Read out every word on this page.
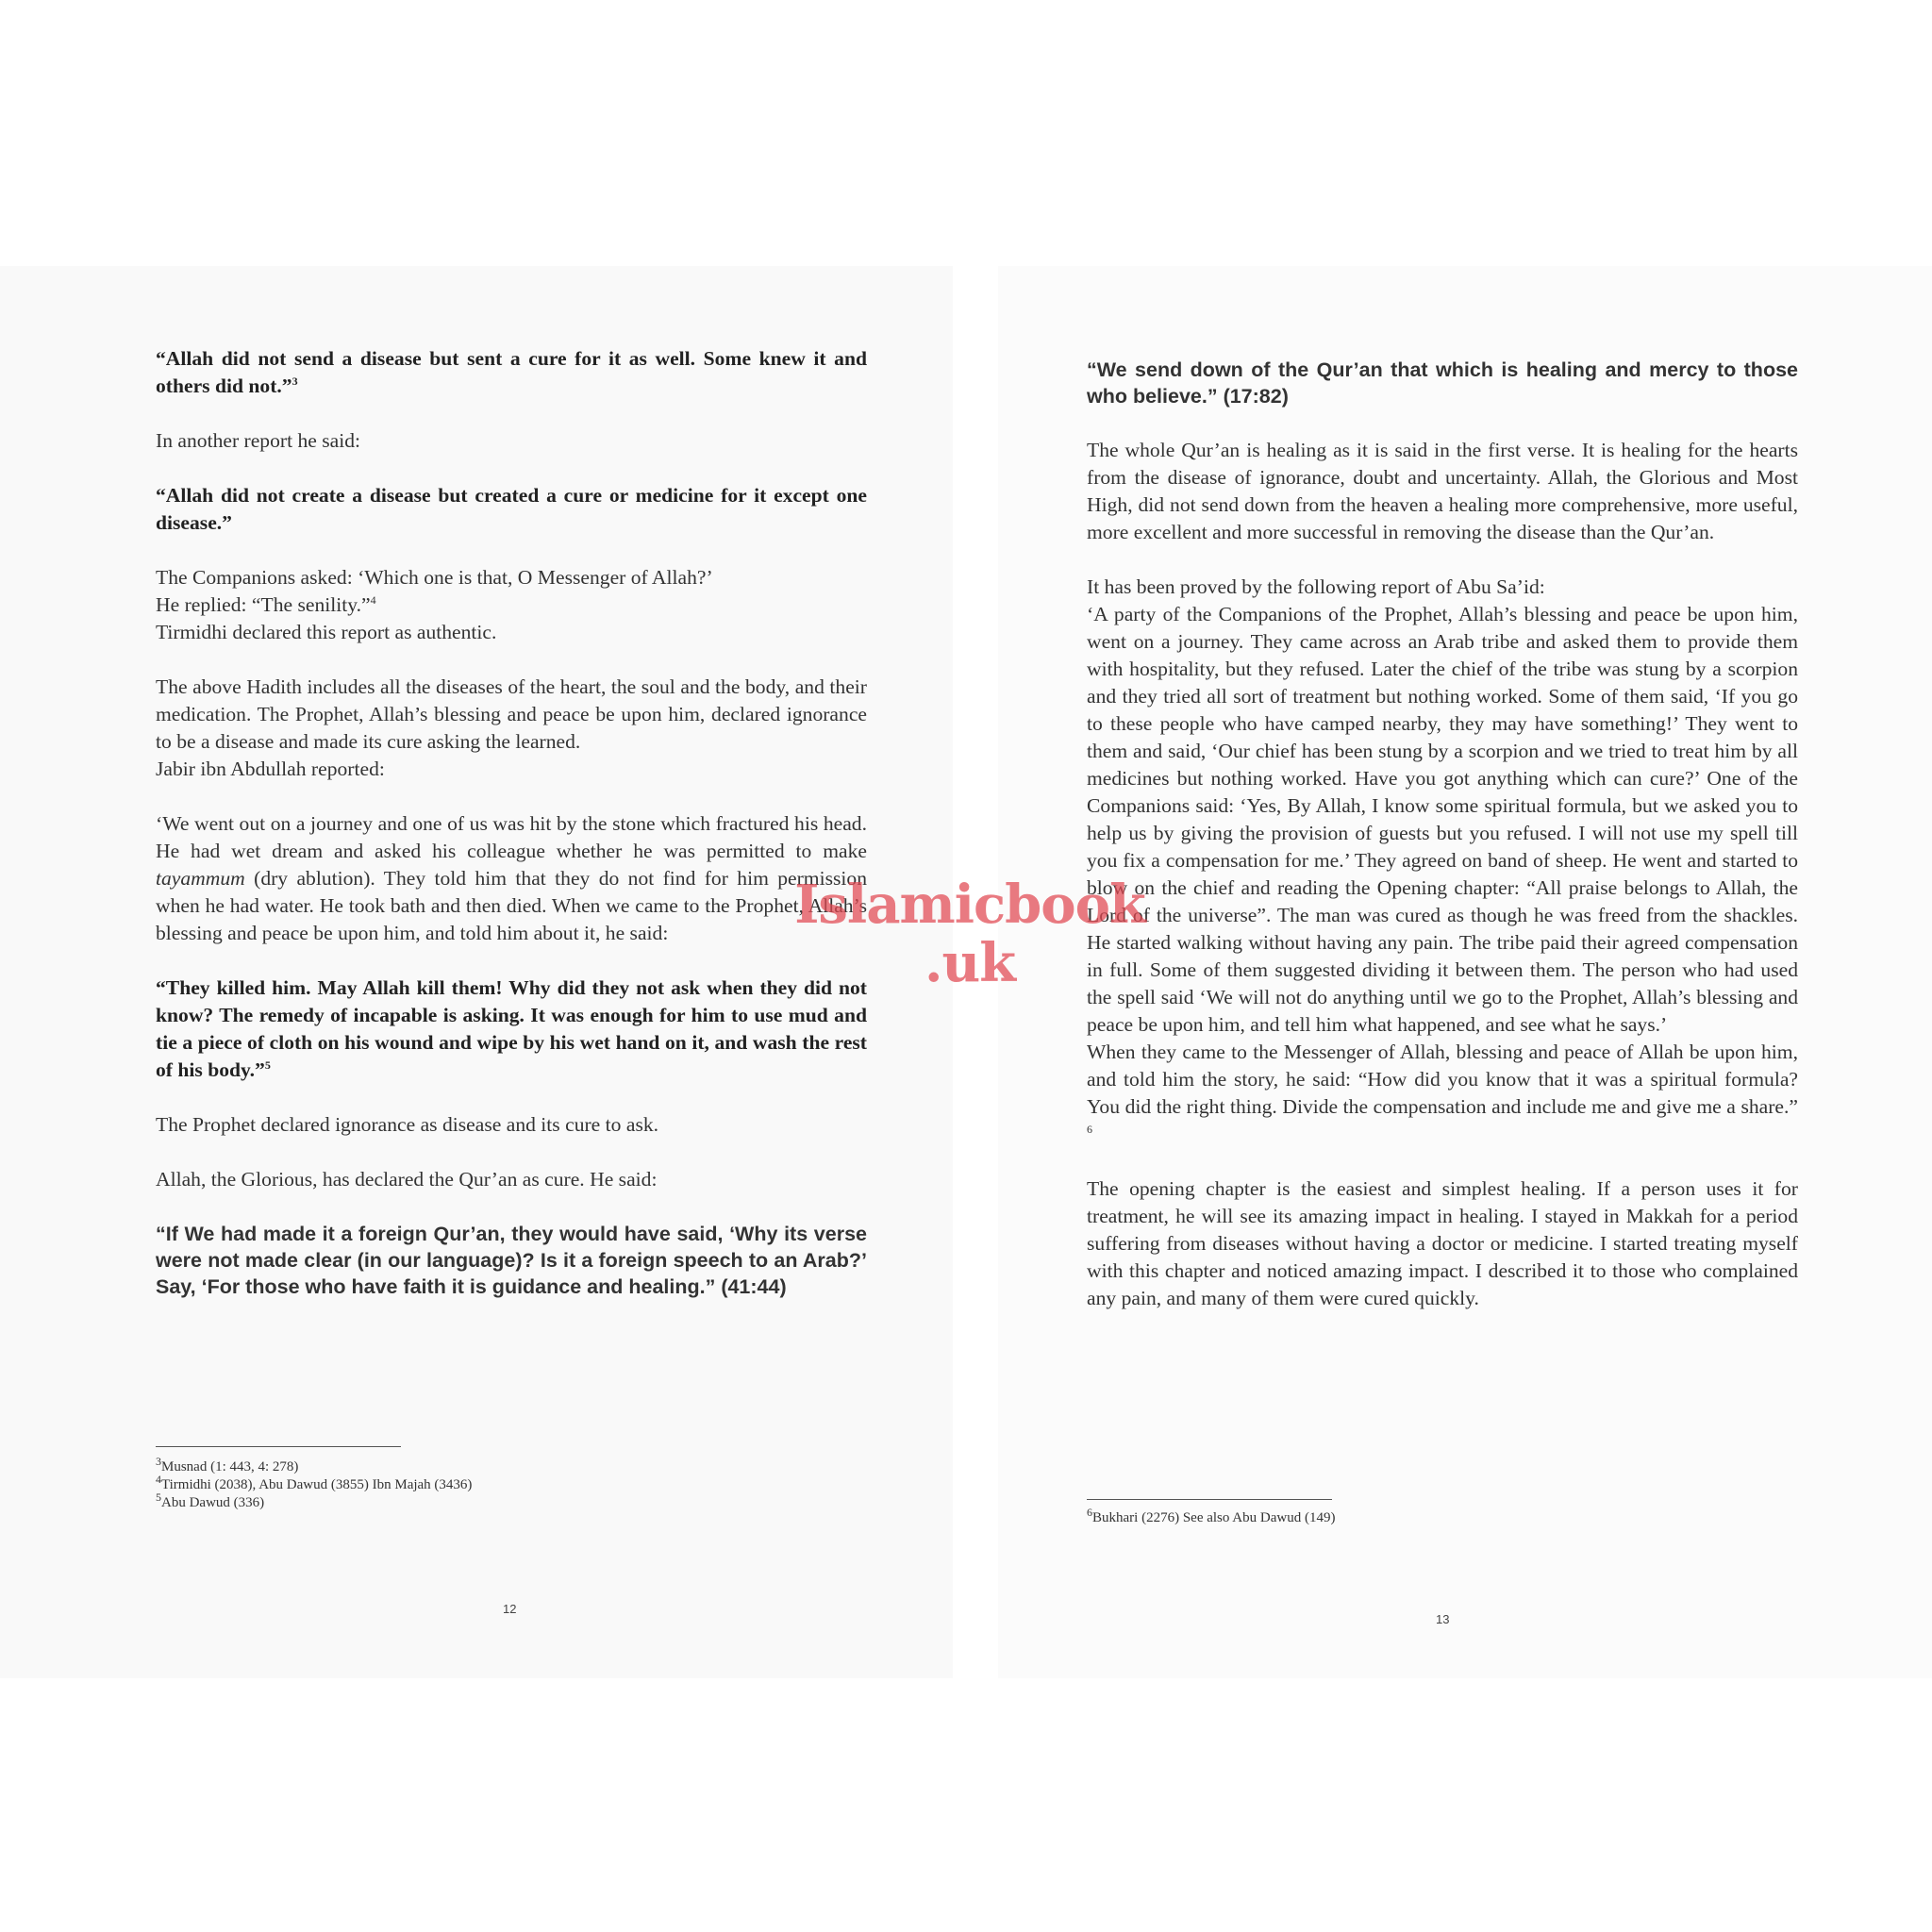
“Allah did not send a disease but sent a cure for it as well. Some knew it and others did not.”$^3$

In another report he said:

“Allah did not create a disease but created a cure or medicine for it except one disease.”

The Companions asked: ‘Which one is that, O Messenger of Allah?’
He replied: “The senility.”$^4$
Tirmidhi declared this report as authentic.

The above Hadith includes all the diseases of the heart, the soul and the body, and their medication. The Prophet, Allah’s blessing and peace be upon him, declared ignorance to be a disease and made its cure asking the learned.

Jabir ibn Abdullah reported:

‘We went out on a journey and one of us was hit by the stone which fractured his head. He had wet dream and asked his colleague whether he was permitted to make tayammum (dry ablution). They told him that they do not find for him permission when he had water. He took bath and then died. When we came to the Prophet, Allah’s blessing and peace be upon him, and told him about it, he said:

“They killed him. May Allah kill them! Why did they not ask when they did not know? The remedy of incapable is asking. It was enough for him to use mud and tie a piece of cloth on his wound and wipe by his wet hand on it, and wash the rest of his body.”$^5$

The Prophet declared ignorance as disease and its cure to ask.

Allah, the Glorious, has declared the Qur’an as cure. He said:

“If We had made it a foreign Qur’an, they would have said, ‘Why its verse were not made clear (in our language)? Is it a foreign speech to an Arab?’ Say, ‘For those who have faith it is guidance and healing.” (41:44)

$^3$Musnad (1: 443, 4: 278)
$^4$Tirmidhi (2038), Abu Dawud (3855) Ibn Majah (3436)
$^5$Abu Dawud (336)
12

“We send down of the Qur’an that which is healing and mercy to those who believe.” (17:82)

The whole Qur’an is healing as it is said in the first verse. It is healing for the hearts from the disease of ignorance, doubt and uncertainty. Allah, the Glorious and Most High, did not send down from the heaven a healing more comprehensive, more useful, more excellent and more successful in removing the disease than the Qur’an.

It has been proved by the following report of Abu Sa’id:

‘A party of the Companions of the Prophet, Allah’s blessing and peace be upon him, went on a journey. They came across an Arab tribe and asked them to provide them with hospitality, but they refused. Later the chief of the tribe was stung by a scorpion and they tried all sort of treatment but nothing worked. Some of them said, ‘If you go to these people who have camped nearby, they may have something!’ They went to them and said, ‘Our chief has been stung by a scorpion and we tried to treat him by all medicines but nothing worked. Have you got anything which can cure?’ One of the Companions said: ‘Yes, By Allah, I know some spiritual formula, but we asked you to help us by giving the provision of guests but you refused. I will not use my spell till you fix a compensation for me.’ They agreed on band of sheep. He went and started to blow on the chief and reading the Opening chapter: “All praise belongs to Allah, the Lord of the universe”. The man was cured as though he was freed from the shackles. He started walking without having any pain. The tribe paid their agreed compensation in full. Some of them suggested dividing it between them. The person who had used the spell said ‘We will not do anything until we go to the Prophet, Allah’s blessing and peace be upon him, and tell him what happened, and see what he says.’

When they came to the Messenger of Allah, blessing and peace of Allah be upon him, and told him the story, he said: “How did you know that it was a spiritual formula? You did the right thing. Divide the compensation and include me and give me a share.” $^6$

The opening chapter is the easiest and simplest healing. If a person uses it for treatment, he will see its amazing impact in healing. I stayed in Makkah for a period suffering from diseases without having a doctor or medicine. I started treating myself with this chapter and noticed amazing impact. I described it to those who complained any pain, and many of them were cured quickly.

$^6$Bukhari (2276) See also Abu Dawud (149)
13
Islamicbook
.uk
